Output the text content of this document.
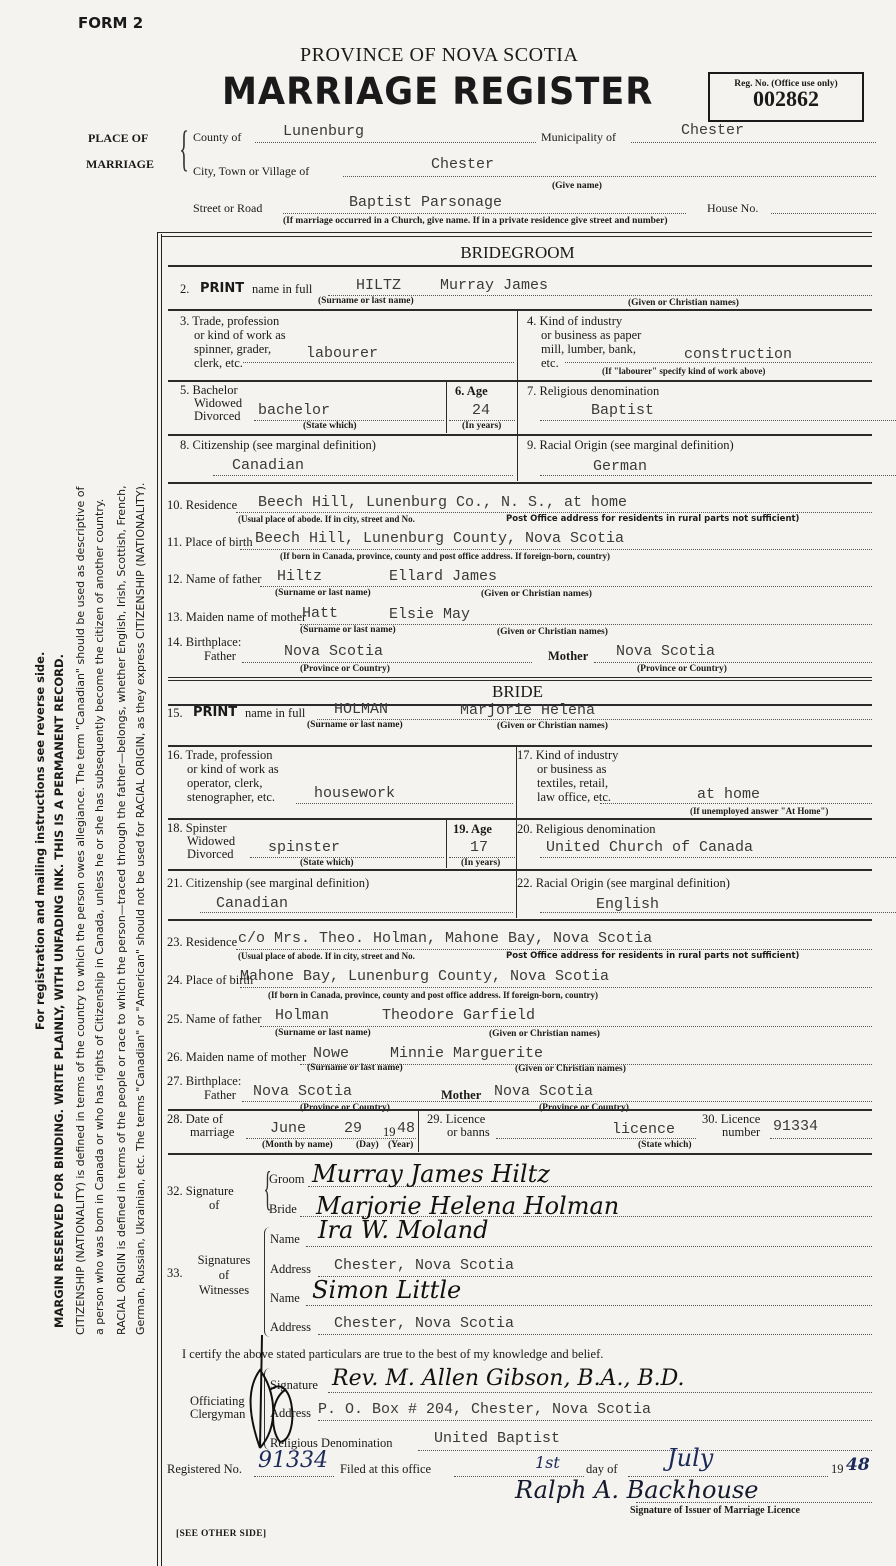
FORM 2
PROVINCE OF NOVA SCOTIA
MARRIAGE REGISTER	Reg. No. (Office use only)
002862
PLACE OF
MARRIAGE { County of	Lunenburg	Municipality of	Chester
City, Town or Village of	Chester
(Give name)
Street or Road	Baptist Parsonage	House No.
(If marriage occurred in a Church, give name. If in a private residence give street and number)
For registration and mailing instructions see reverse side. MARGIN RESERVED FOR BINDING. WRITE PLAINLY, WITH UNFADING INK. THIS IS A PERMANENT RECORD. CITIZENSHIP (NATIONALITY) is defined in terms of the country to which the person owes allegiance. The term "Canadian" should be used as descriptive of a person who was born in Canada or who has rights of Citizenship in Canada, unless he or she has subsequently become the citizen of another country. RACIAL ORIGIN is defined in terms of the people or race to which the person—traced through the father—belongs, whether English, Irish, Scottish, French, German, Russian, Ukrainian, etc. The terms "Canadian" or "American" should not be used for RACIAL ORIGIN, as they express CITIZENSHIP (NATIONALITY).
BRIDEGROOM
2. PRINT name in full	HILTZ	Murray James
(Surname or last name)	(Given or Christian names)
3. Trade, profession
or kind of work as
spinner, grader,
clerk, etc.
labourer
4. Kind of industry
or business as paper
mill, lumber, bank,
etc.	construction
(If "labourer" specify kind of work above)
5. Bachelor
Widowed
Divorced bachelor
(State which)
6. Age
24
(In years)
7. Religious denomination
Baptist
8. Citizenship (see marginal definition)
Canadian
9. Racial Origin (see marginal definition)
German
10. Residence Beech Hill, Lunenburg Co., N. S., at home
(Usual place of abode. If in city, street and No.	Post Office address for residents in rural parts not sufficient)
11. Place of birth Beech Hill, Lunenburg County, Nova Scotia
(If born in Canada, province, county and post office address. If foreign-born, country)
12. Name of father Hiltz	Ellard James
(Surname or last name)	(Given or Christian names)
13. Maiden name of mother
Hatt	Elsie May
(Surname or last name)	(Given or Christian names)
14. Birthplace:
Father	Nova Scotia
(Province or Country)
Mother Nova Scotia
(Province or Country)
BRIDE
15. PRINT name in full HOLMAN	Marjorie Helena
(Surname or last name)	(Given or Christian names)
16. Trade, profession
or kind of work as
operator, clerk,
stenographer, etc.	housework
17. Kind of industry
or business as
textiles, retail,
law office, etc.	at home
(If unemployed answer "At Home")
18. Spinster
Widowed
Divorced spinster
(State which)
19. Age
17
(In years)
20. Religious denomination
United Church of Canada
21. Citizenship (see marginal definition)
Canadian
22. Racial Origin (see marginal definition)
English
23. Residence c/o Mrs. Theo. Holman, Mahone Bay, Nova Scotia
(Usual place of abode. If in city, street and No.	Post Office address for residents in rural parts not sufficient)
24. Place of birth
Mahone Bay, Lunenburg County, Nova Scotia
(If born in Canada, province, county and post office address. If foreign-born, country)
25. Name of father Holman	Theodore Garfield
(Surname or last name)	(Given or Christian names)
26. Maiden name of mother Nowe	Minnie Marguerite
(Surname or last name)	(Given or Christian names)
27. Birthplace:
Father Nova Scotia
(Province or Country)
Mother Nova Scotia
(Province or Country)
28. Date of
marriage June	29 19 48
(Month by name) (Day) (Year)
29. Licence
or banns	licence
(State which)
30. Licence
number 91334
32. Signature
of {
Groom Murray James Hiltz
Bride Marjorie Helena Holman
33.
Signatures
of
Witnesses
Name Ira W. Moland
Address Chester, Nova Scotia
Name Simon Little
Address Chester, Nova Scotia
I certify the above stated particulars are true to the best of my knowledge and belief.
Officiating
Clergyman
Signature Rev. M. Allen Gibson, B.A., B.D.
Address P. O. Box # 204, Chester, Nova Scotia
Religious Denomination	United Baptist
Registered No. 91334 Filed at this office	1st day of July	19 48
Ralph A. Backhouse
Signature of Issuer of Marriage Licence
[SEE OTHER SIDE]
